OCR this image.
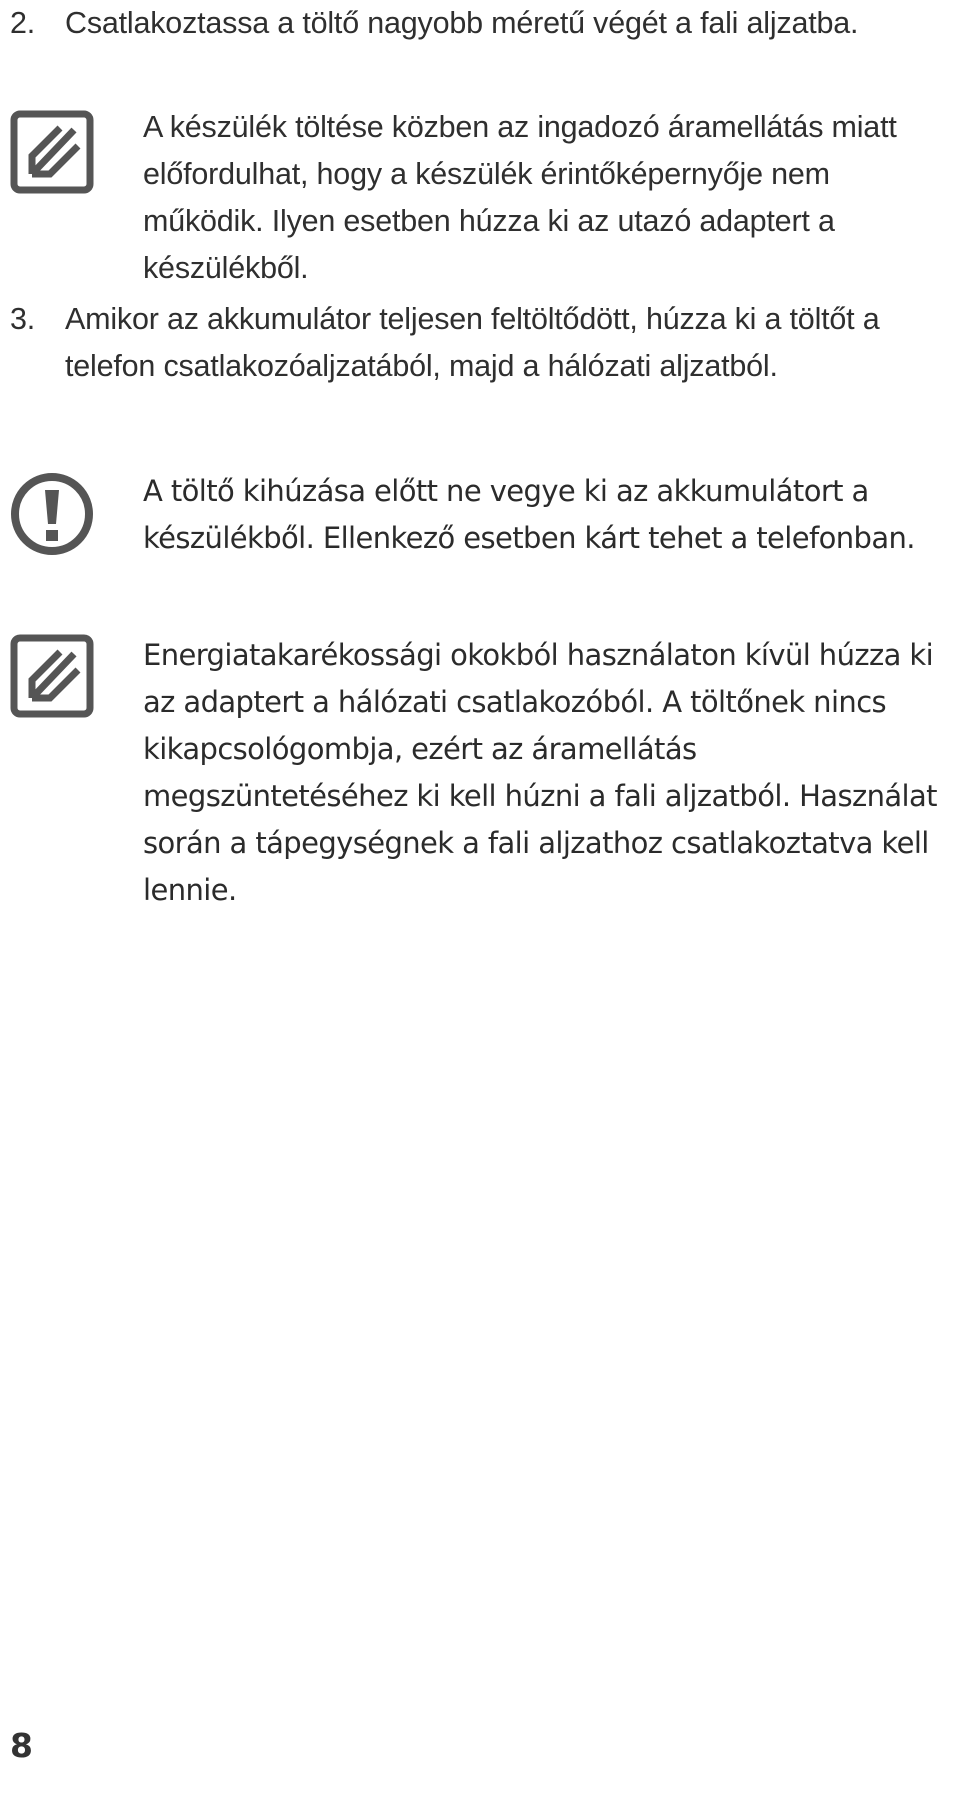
2. Csatlakoztassa a töltő nagyobb méretű végét a fali aljzatba.
A készülék töltése közben az ingadozó áramellátás miatt előfordulhat, hogy a készülék érintőképernyője nem működik. Ilyen esetben húzza ki az utazó adaptert a készülékből.
3. Amikor az akkumulátor teljesen feltöltődött, húzza ki a töltőt a telefon csatlakozóaljzatából, majd a hálózati aljzatból.
A töltő kihúzása előtt ne vegye ki az akkumulátort a készülékből. Ellenkező esetben kárt tehet a telefonban.
Energiatakarékossági okokból használaton kívül húzza ki az adaptert a hálózati csatlakozóból. A töltőnek nincs kikapcsológombja, ezért az áramellátás megszüntetéséhez ki kell húzni a fali aljzatból. Használat során a tápegységnek a fali aljzathoz csatlakoztatva kell lennie.
8
